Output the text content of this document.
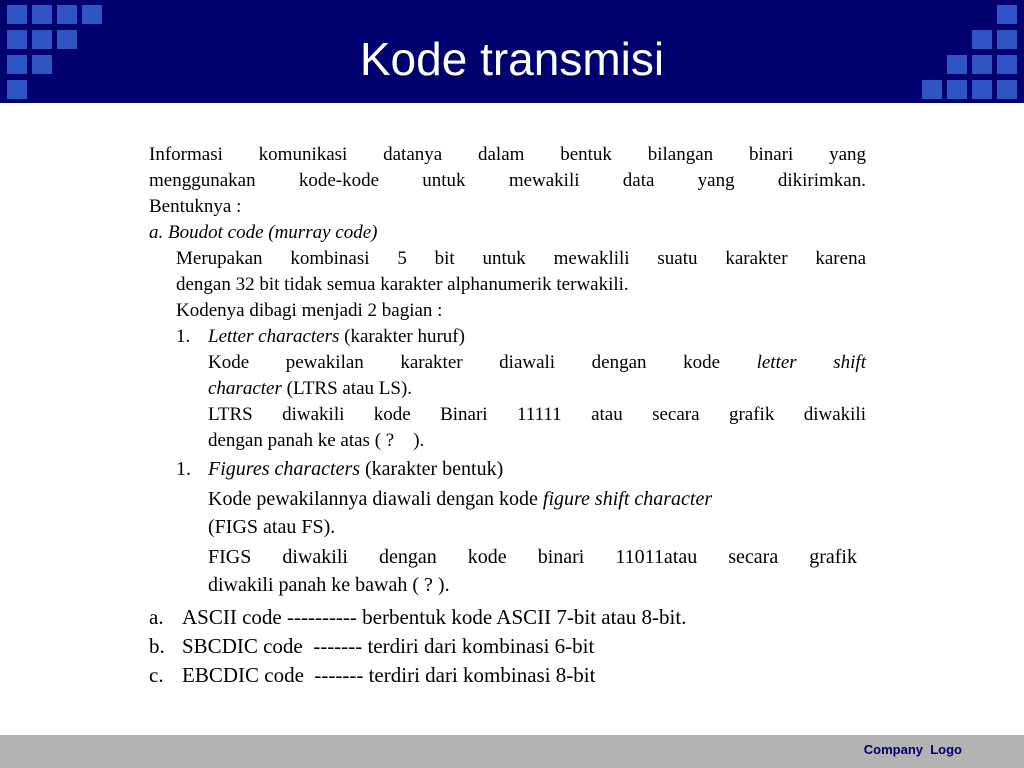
Kode transmisi
Informasi komunikasi datanya dalam bentuk bilangan binari yang
menggunakan kode-kode untuk mewakili data yang dikirimkan.
Bentuknya :
a. Boudot code (murray code)
Merupakan kombinasi 5 bit untuk mewaklili suatu karakter karena
dengan 32 bit tidak semua karakter alphanumerik terwakili.
Kodenya dibagi menjadi 2 bagian :
1. Letter characters (karakter huruf)
Kode pewakilan karakter diawali dengan kode letter shift
character (LTRS atau LS).
LTRS diwakili kode Binari 11111 atau secara grafik diwakili
dengan panah ke atas ( ?    ).
1. Figures characters (karakter bentuk)
Kode pewakilannya diawali dengan kode figure shift character
(FIGS atau FS).
FIGS diwakili dengan kode binari 11011atau secara grafik
diwakili panah ke bawah ( ? ).
a. ASCII code ---------- berbentuk kode ASCII 7-bit atau 8-bit.
b. SBCDIC code  ------- terdiri dari kombinasi 6-bit
c. EBCDIC code  ------- terdiri dari kombinasi 8-bit
Company  Logo
